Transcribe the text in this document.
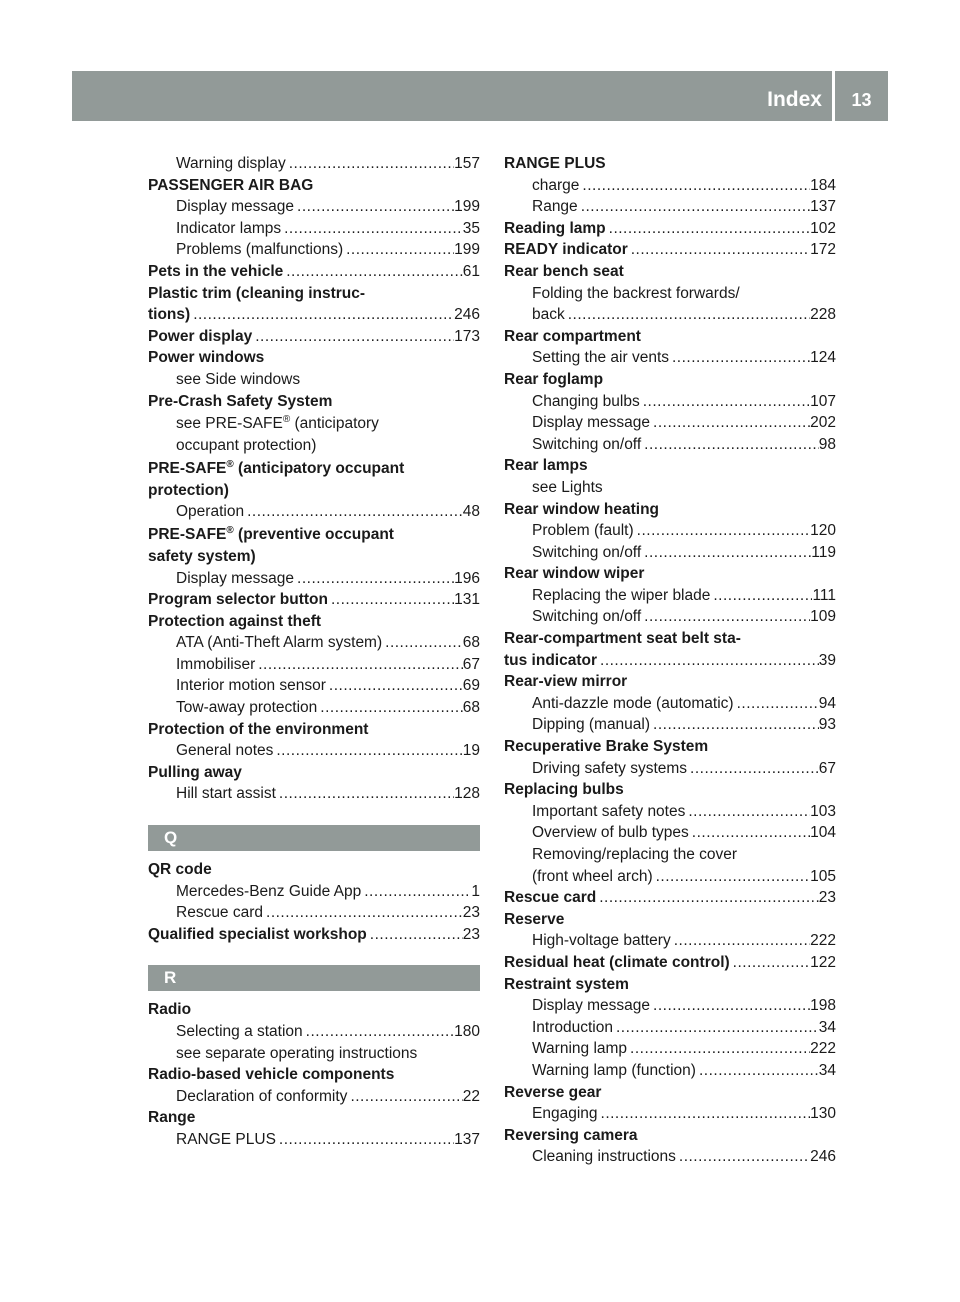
Index	13
Warning display .....	157
PASSENGER AIR BAG
Display message .....	199
Indicator lamps .....	35
Problems (malfunctions) .....	199
Pets in the vehicle .....	61
Plastic trim (cleaning instruc-
tions) .....	246
Power display .....	173
Power windows
see Side windows
Pre-Crash Safety System
see PRE-SAFE® (anticipatory
occupant protection)
PRE-SAFE® (anticipatory occupant
protection)
Operation .....	48
PRE-SAFE® (preventive occupant
safety system)
Display message .....	196
Program selector button .....	131
Protection against theft
ATA (Anti-Theft Alarm system) .....	68
Immobiliser .....	67
Interior motion sensor .....	69
Tow-away protection .....	68
Protection of the environment
General notes .....	19
Pulling away
Hill start assist .....	128
Q
QR code
Mercedes-Benz Guide App .....	1
Rescue card .....	23
Qualified specialist workshop .....	23
R
Radio
Selecting a station .....	180
see separate operating instructions
Radio-based vehicle components
Declaration of conformity .....	22
Range
RANGE PLUS .....	137
RANGE PLUS
charge .....	184
Range .....	137
Reading lamp .....	102
READY indicator .....	172
Rear bench seat
Folding the backrest forwards/
back .....	228
Rear compartment
Setting the air vents .....	124
Rear foglamp
Changing bulbs .....	107
Display message .....	202
Switching on/off .....	98
Rear lamps
see Lights
Rear window heating
Problem (fault) .....	120
Switching on/off .....	119
Rear window wiper
Replacing the wiper blade .....	111
Switching on/off .....	109
Rear-compartment seat belt sta-
tus indicator .....	39
Rear-view mirror
Anti-dazzle mode (automatic) .....	94
Dipping (manual) .....	93
Recuperative Brake System
Driving safety systems .....	67
Replacing bulbs
Important safety notes .....	103
Overview of bulb types .....	104
Removing/replacing the cover
(front wheel arch) .....	105
Rescue card .....	23
Reserve
High-voltage battery .....	222
Residual heat (climate control) .....	122
Restraint system
Display message .....	198
Introduction .....	34
Warning lamp .....	222
Warning lamp (function) .....	34
Reverse gear
Engaging .....	130
Reversing camera
Cleaning instructions .....	246
